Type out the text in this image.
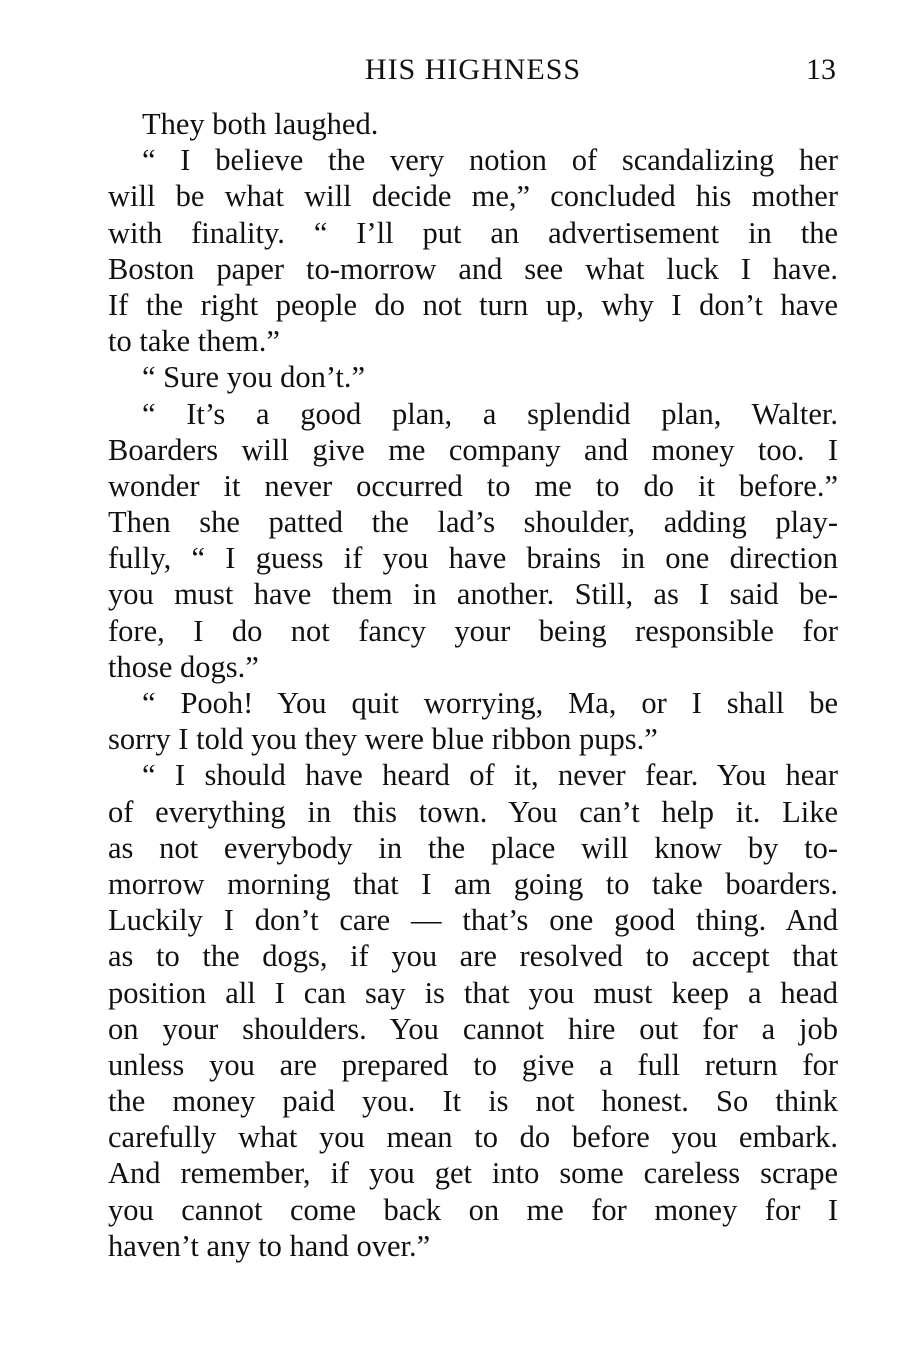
HIS HIGHNESS	13
They both laughed.
“ I believe the very notion of scandalizing her
will be what will decide me,” concluded his mother
with finality. “ I’ll put an advertisement in the
Boston paper to-morrow and see what luck I have.
If the right people do not turn up, why I don’t have
to take them.”
“ Sure you don’t.”
“ It’s a good plan, a splendid plan, Walter.
Boarders will give me company and money too. I
wonder it never occurred to me to do it before.”
Then she patted the lad’s shoulder, adding play-
fully, “ I guess if you have brains in one direction
you must have them in another. Still, as I said be-
fore, I do not fancy your being responsible for
those dogs.”
“ Pooh! You quit worrying, Ma, or I shall be
sorry I told you they were blue ribbon pups.”
“ I should have heard of it, never fear. You hear
of everything in this town. You can’t help it. Like
as not everybody in the place will know by to-
morrow morning that I am going to take boarders.
Luckily I don’t care — that’s one good thing. And
as to the dogs, if you are resolved to accept that
position all I can say is that you must keep a head
on your shoulders. You cannot hire out for a job
unless you are prepared to give a full return for
the money paid you. It is not honest. So think
carefully what you mean to do before you embark.
And remember, if you get into some careless scrape
you cannot come back on me for money for I
haven’t any to hand over.”
